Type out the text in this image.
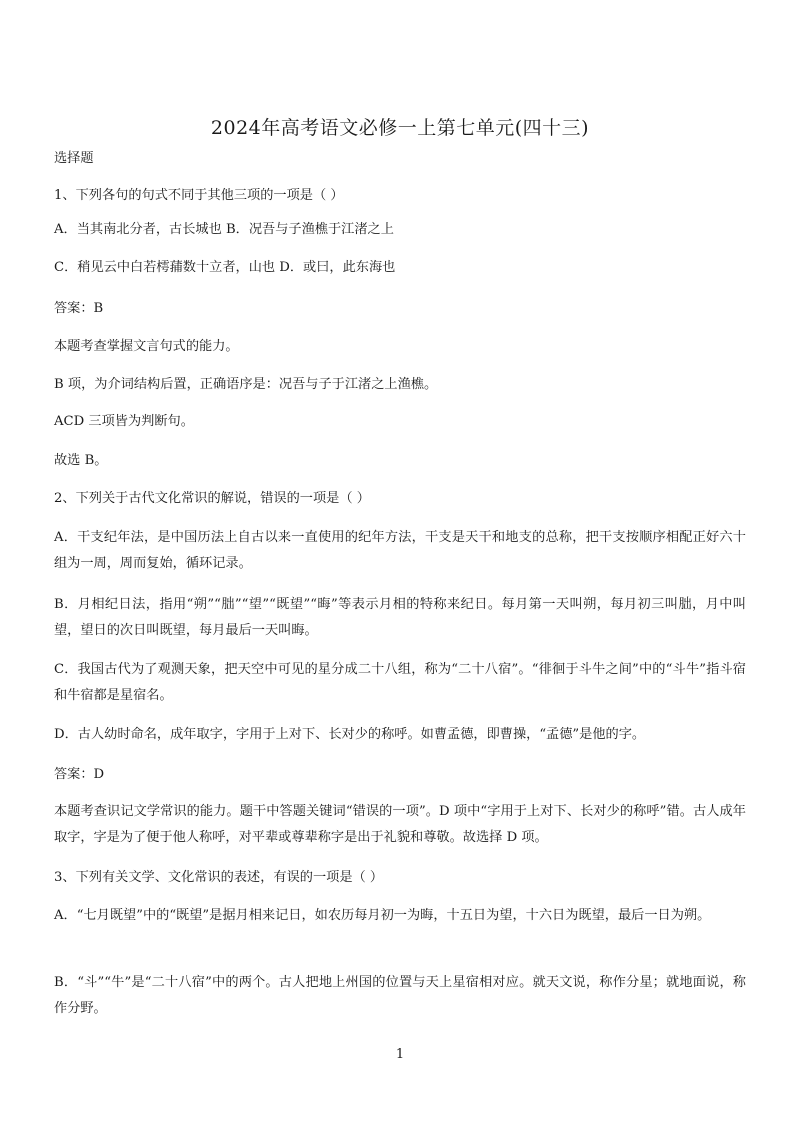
2024年高考语文必修一上第七单元(四十三)
选择题
1、下列各句的句式不同于其他三项的一项是（ ）
A．当其南北分者，古长城也 B．况吾与子渔樵于江渚之上
C．稍见云中白若樗蒱数十立者，山也 D．或曰，此东海也
答案：B
本题考查掌握文言句式的能力。
B 项，为介词结构后置，正确语序是：况吾与子于江渚之上渔樵。
ACD 三项皆为判断句。
故选 B。
2、下列关于古代文化常识的解说，错误的一项是（ ）
A．干支纪年法，是中国历法上自古以来一直使用的纪年方法，干支是天干和地支的总称，把干支按顺序相配正好六十组为一周，周而复始，循环记录。
B．月相纪日法，指用“朔”“朏”“望”“既望”“晦”等表示月相的特称来纪日。每月第一天叫朔，每月初三叫朏，月中叫望，望日的次日叫既望，每月最后一天叫晦。
C．我国古代为了观测天象，把天空中可见的星分成二十八组，称为“二十八宿”。“徘徊于斗牛之间”中的“斗牛”指斗宿和牛宿都是星宿名。
D．古人幼时命名，成年取字，字用于上对下、长对少的称呼。如曹孟德，即曹操，“孟德”是他的字。
答案：D
本题考查识记文学常识的能力。题干中答题关键词“错误的一项”。D 项中“字用于上对下、长对少的称呼”错。古人成年取字，字是为了便于他人称呼，对平辈或尊辈称字是出于礼貌和尊敬。故选择 D 项。
3、下列有关文学、文化常识的表述，有误的一项是（ ）
A．“七月既望”中的“既望”是据月相来记日，如农历每月初一为晦，十五日为望，十六日为既望，最后一日为朔。
B．“斗”“牛”是“二十八宿”中的两个。古人把地上州国的位置与天上星宿相对应。就天文说，称作分星；就地面说，称作分野。
1
